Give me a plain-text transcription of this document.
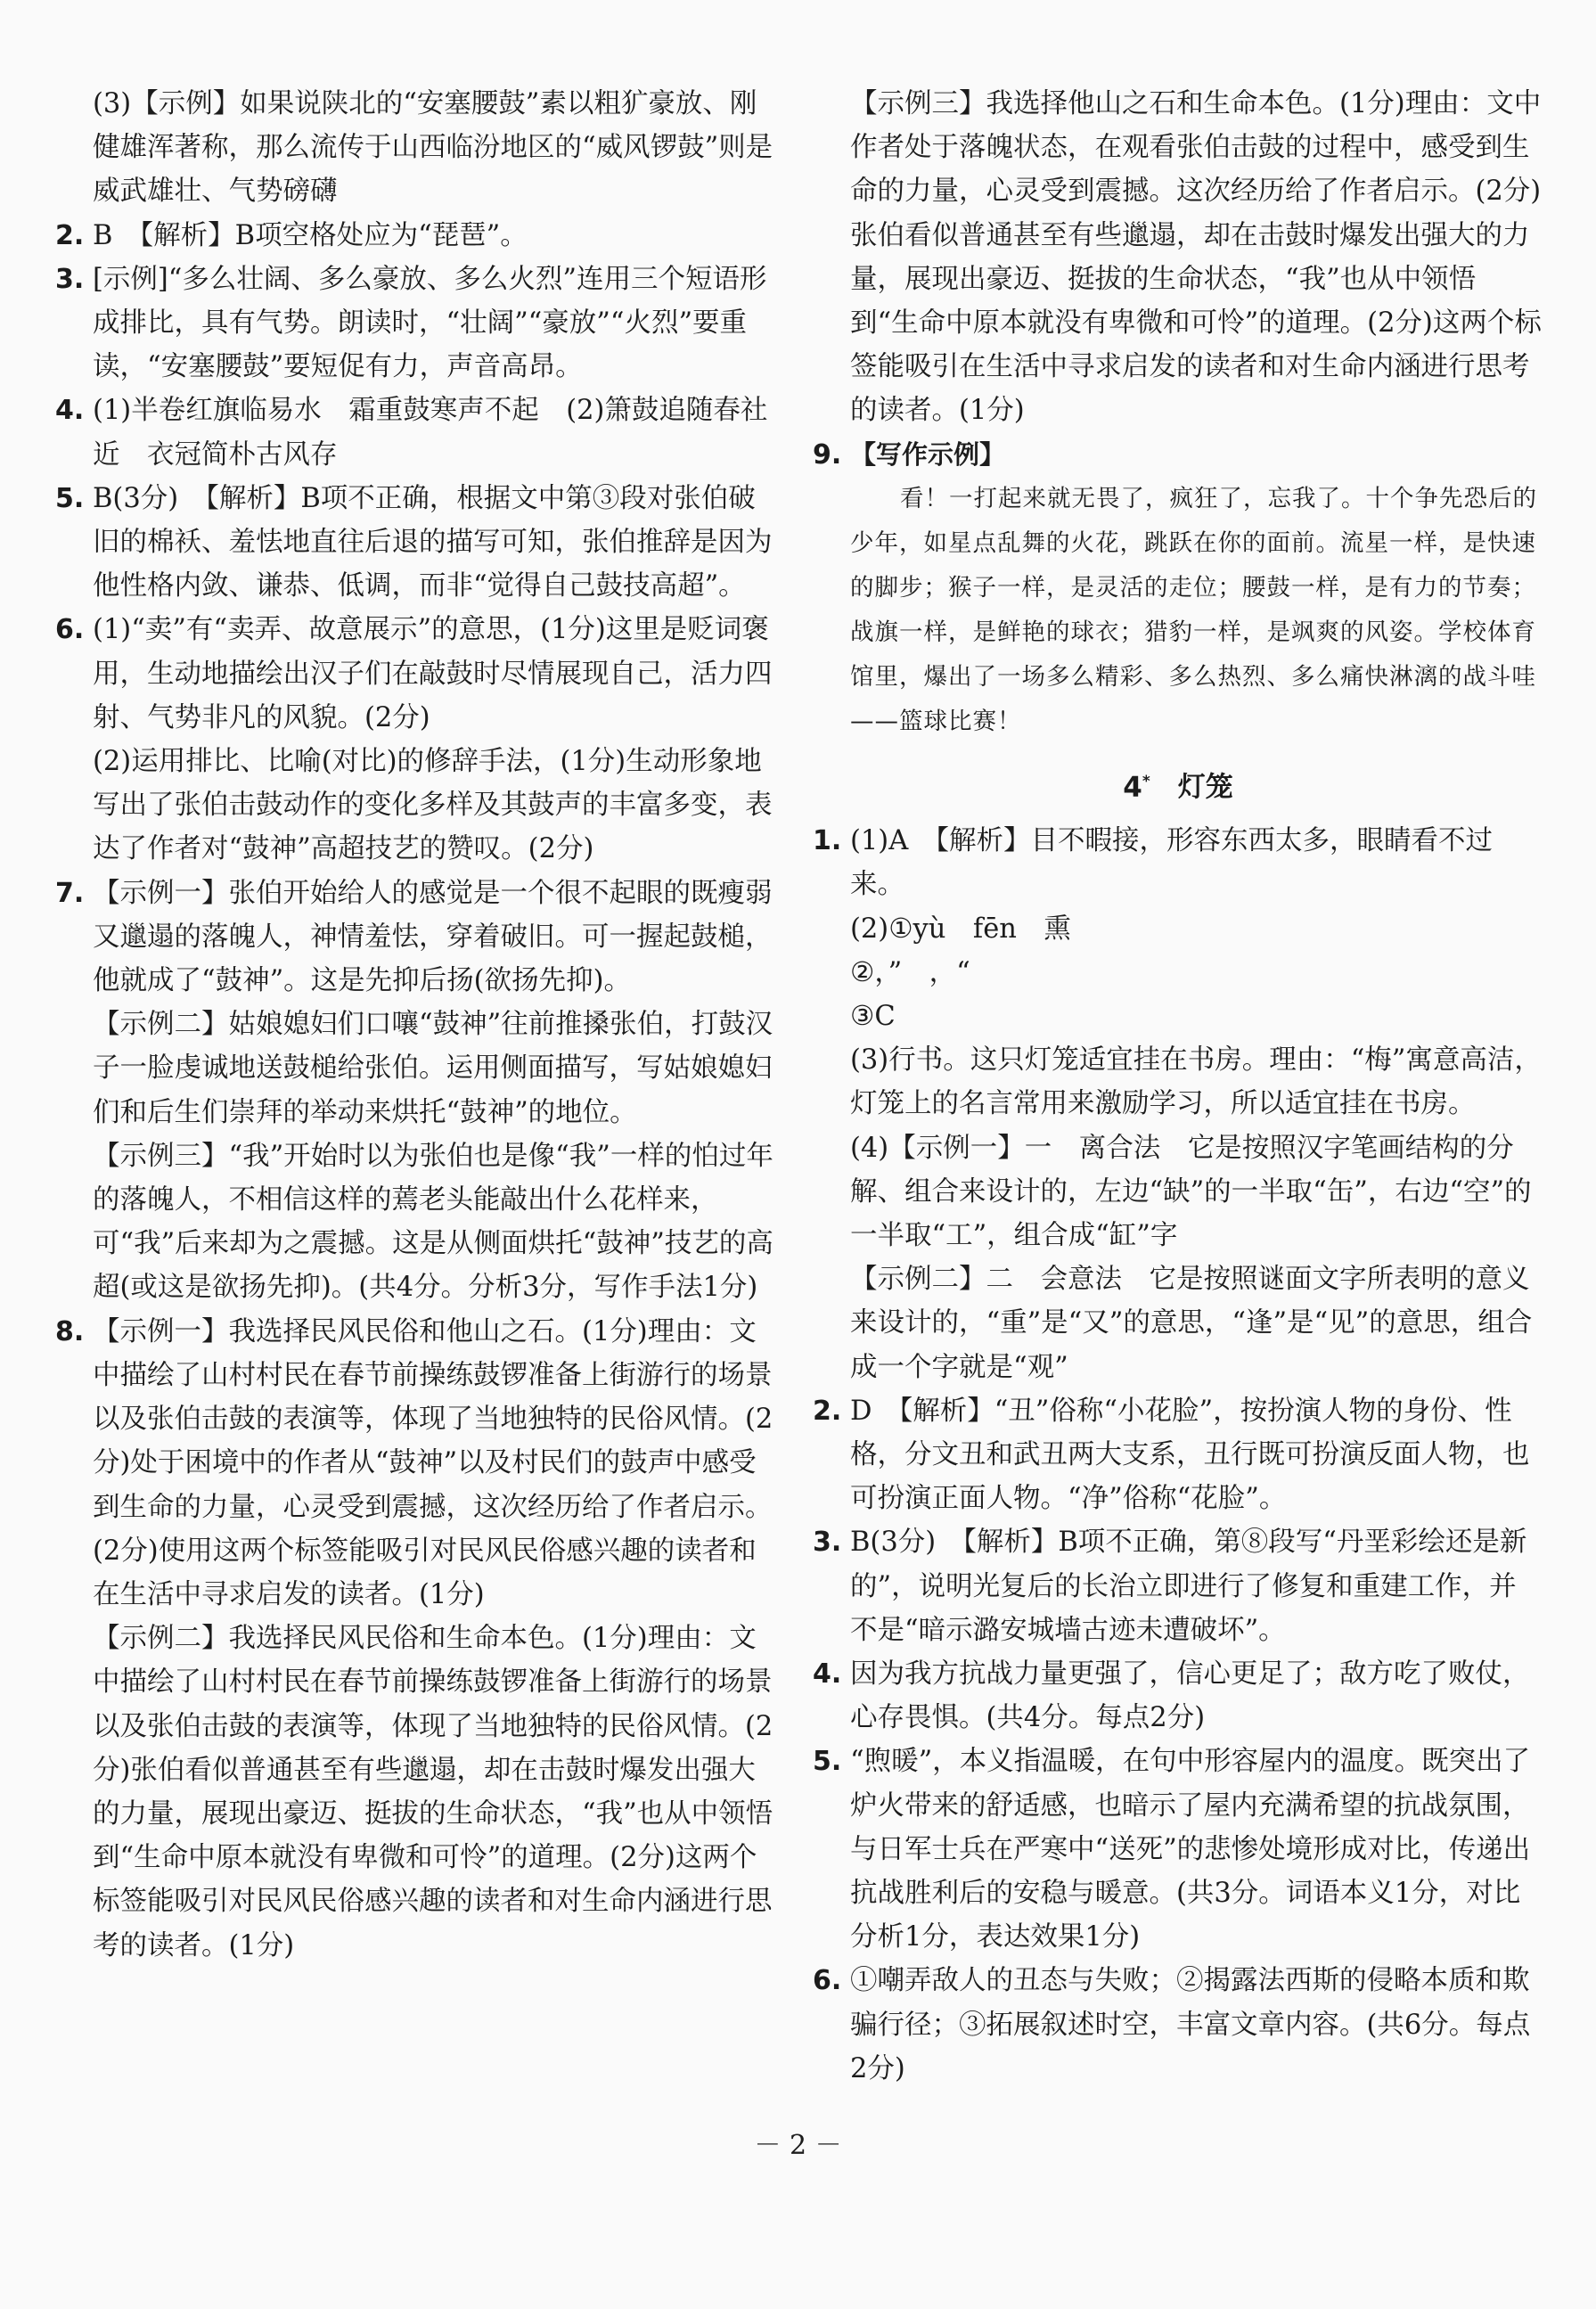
(3)【示例】如果说陕北的“安塞腰鼓”素以粗犷豪放、刚健雄浑著称，那么流传于山西临汾地区的“威风锣鼓”则是威武雄壮、气势磅礴
2. B　【解析】B项空格处应为“琵琶”。
3. [示例]“多么壮阔、多么豪放、多么火烈”连用三个短语形成排比，具有气势。朗读时，“壮阔”“豪放”“火烈”要重读，“安塞腰鼓”要短促有力，声音高昂。
4. (1)半卷红旗临易水　霜重鼓寒声不起　(2)箫鼓追随春社近　衣冠简朴古风存
5. B(3分)　【解析】B项不正确，根据文中第③段对张伯破旧的棉袄、羞怯地直往后退的描写可知，张伯推辞是因为他性格内敛、谦恭、低调，而非“觉得自己鼓技高超”。
6. (1)“卖”有“卖弄、故意展示”的意思，(1分)这里是贬词褒用，生动地描绘出汉子们在敲鼓时尽情展现自己，活力四射、气势非凡的风貌。(2分)
(2)运用排比、比喻(对比)的修辞手法，(1分)生动形象地写出了张伯击鼓动作的变化多样及其鼓声的丰富多变，表达了作者对“鼓神”高超技艺的赞叹。(2分)
7. 【示例一】张伯开始给人的感觉是一个很不起眼的既瘦弱又邋遢的落魄人，神情羞怯，穿着破旧。可一握起鼓槌，他就成了“鼓神”。这是先抑后扬(欲扬先抑)。
【示例二】姑娘媳妇们口嚷“鼓神”往前推搡张伯，打鼓汉子一脸虔诚地送鼓槌给张伯。运用侧面描写，写姑娘媳妇们和后生们崇拜的举动来烘托“鼓神”的地位。
【示例三】“我”开始时以为张伯也是像“我”一样的怕过年的落魄人，不相信这样的蔫老头能敲出什么花样来，可“我”后来却为之震撼。这是从侧面烘托“鼓神”技艺的高超(或这是欲扬先抑)。(共4分。分析3分，写作手法1分)
8. 【示例一】我选择民风民俗和他山之石。(1分)理由：文中描绘了山村村民在春节前操练鼓锣准备上街游行的场景以及张伯击鼓的表演等，体现了当地独特的民俗风情。(2分)处于困境中的作者从“鼓神”以及村民们的鼓声中感受到生命的力量，心灵受到震撼，这次经历给了作者启示。(2分)使用这两个标签能吸引对民风民俗感兴趣的读者和在生活中寻求启发的读者。(1分)
【示例二】我选择民风民俗和生命本色。(1分)理由：文中描绘了山村村民在春节前操练鼓锣准备上街游行的场景以及张伯击鼓的表演等，体现了当地独特的民俗风情。(2分)张伯看似普通甚至有些邋遢，却在击鼓时爆发出强大的力量，展现出豪迈、挺拔的生命状态，“我”也从中领悟到“生命中原本就没有卑微和可怜”的道理。(2分)这两个标签能吸引对民风民俗感兴趣的读者和对生命内涵进行思考的读者。(1分)
【示例三】我选择他山之石和生命本色。(1分)理由：文中作者处于落魄状态，在观看张伯击鼓的过程中，感受到生命的力量，心灵受到震撼。这次经历给了作者启示。(2分)张伯看似普通甚至有些邋遢，却在击鼓时爆发出强大的力量，展现出豪迈、挺拔的生命状态，“我”也从中领悟到“生命中原本就没有卑微和可怜”的道理。(2分)这两个标签能吸引在生活中寻求启发的读者和对生命内涵进行思考的读者。(1分)
9. 【写作示例】
看！一打起来就无畏了，疯狂了，忘我了。十个争先恐后的少年，如星点乱舞的火花，跳跃在你的面前。流星一样，是快速的脚步；猴子一样，是灵活的走位；腰鼓一样，是有力的节奏；战旗一样，是鲜艳的球衣；猎豹一样，是飒爽的风姿。学校体育馆里，爆出了一场多么精彩、多么热烈、多么痛快淋漓的战斗哇——篮球比赛！
4*　 灯笼
1. (1)A　【解析】目不暇接，形容东西太多，眼睛看不过来。
(2)①yù　fēn　熏
②，”　，“
③C
(3)行书。这只灯笼适宜挂在书房。理由：“梅”寓意高洁，灯笼上的名言常用来激励学习，所以适宜挂在书房。
(4)【示例一】一　离合法　它是按照汉字笔画结构的分解、组合来设计的，左边“缺”的一半取“缶”，右边“空”的一半取“工”，组合成“缸”字
【示例二】二　会意法　它是按照谜面文字所表明的意义来设计的，“重”是“又”的意思，“逢”是“见”的意思，组合成一个字就是“观”
2. D　【解析】“丑”俗称“小花脸”，按扮演人物的身份、性格，分文丑和武丑两大支系，丑行既可扮演反面人物，也可扮演正面人物。“净”俗称“花脸”。
3. B(3分)　【解析】B项不正确，第⑧段写“丹垩彩绘还是新的”，说明光复后的长治立即进行了修复和重建工作，并不是“暗示潞安城墙古迹未遭破坏”。
4. 因为我方抗战力量更强了，信心更足了；敌方吃了败仗，心存畏惧。(共4分。每点2分)
5. “煦暖”，本义指温暖，在句中形容屋内的温度。既突出了炉火带来的舒适感，也暗示了屋内充满希望的抗战氛围，与日军士兵在严寒中“送死”的悲惨处境形成对比，传递出抗战胜利后的安稳与暖意。(共3分。词语本义1分，对比分析1分，表达效果1分)
6. ①嘲弄敌人的丑态与失败；②揭露法西斯的侵略本质和欺骗行径；③拓展叙述时空，丰富文章内容。(共6分。每点2分)
－ 2 －
